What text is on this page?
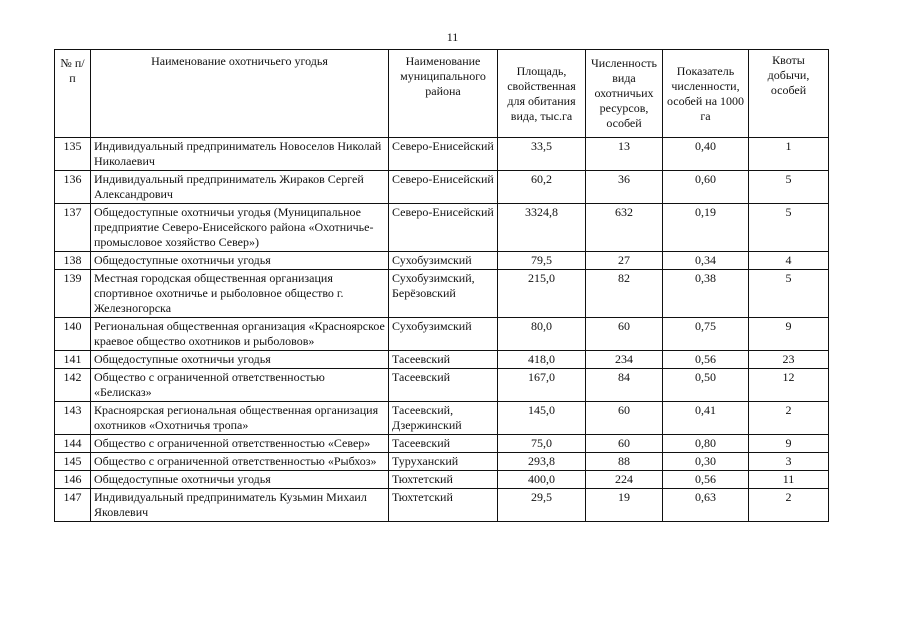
11
№ п/п	Наименование охотничьего угодья	Наименование муниципального района	Площадь, свойственная для обитания вида, тыс.га	Численность вида охотничьих ресурсов, особей	Показатель численности, особей на 1000 га	Квоты добычи, особей
135	Индивидуальный предприниматель Новоселов Николай Николаевич	Северо-Енисейский	33,5	13	0,40	1
136	Индивидуальный предприниматель Жираков Сергей Александрович	Северо-Енисейский	60,2	36	0,60	5
137	Общедоступные охотничьи угодья (Муниципальное предприятие Северо-Енисейского района «Охотничье-промысловое хозяйство Север»)	Северо-Енисейский	3324,8	632	0,19	5
138	Общедоступные охотничьи угодья	Сухобузимский	79,5	27	0,34	4
139	Местная городская общественная организация спортивное охотничье и рыболовное общество г. Железногорска	Сухобузимский, Берёзовский	215,0	82	0,38	5
140	Региональная общественная организация «Красноярское краевое общество охотников и рыболовов»	Сухобузимский	80,0	60	0,75	9
141	Общедоступные охотничьи угодья	Тасеевский	418,0	234	0,56	23
142	Общество с ограниченной ответственностью «Белисказ»	Тасеевский	167,0	84	0,50	12
143	Красноярская региональная общественная организация охотников «Охотничья тропа»	Тасеевский, Дзержинский	145,0	60	0,41	2
144	Общество с ограниченной ответственностью «Север»	Тасеевский	75,0	60	0,80	9
145	Общество с ограниченной ответственностью «Рыбхоз»	Туруханский	293,8	88	0,30	3
146	Общедоступные охотничьи угодья	Тюхтетский	400,0	224	0,56	11
147	Индивидуальный предприниматель Кузьмин Михаил Яковлевич	Тюхтетский	29,5	19	0,63	2
